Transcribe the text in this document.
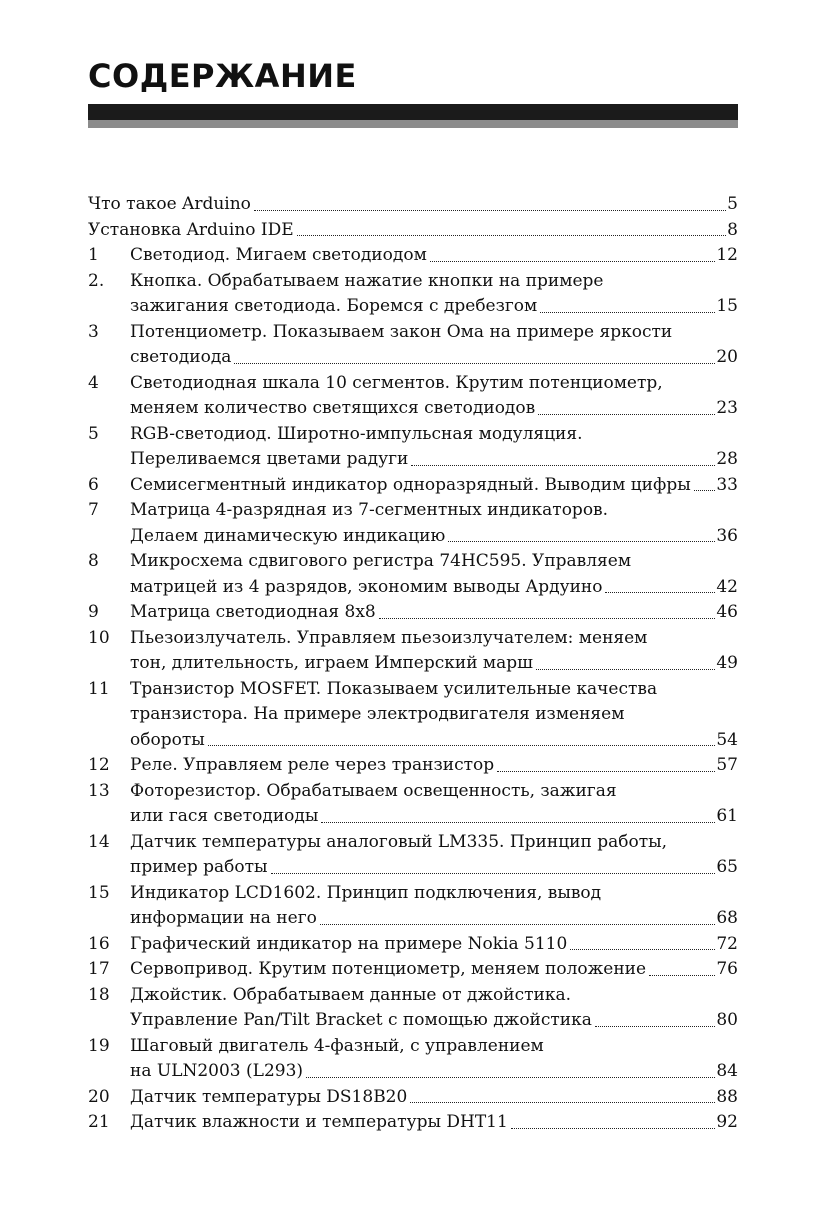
СОДЕРЖАНИЕ
Что такое Arduino	5
Установка Arduino IDE	8
1	Светодиод. Мигаем светодиодом	12
2.	Кнопка. Обрабатываем нажатие кнопки на примере
зажигания светодиода. Боремся с дребезгом	15
3	Потенциометр. Показываем закон Ома на примере яркости
светодиода	20
4	Светодиодная шкала 10 сегментов. Крутим потенциометр,
меняем количество светящихся светодиодов	23
5	RGB-светодиод. Широтно-импульсная модуляция.
Переливаемся цветами радуги	28
6	Семисегментный индикатор одноразрядный. Выводим цифры 33
7	Матрица 4-разрядная из 7-сегментных индикаторов.
Делаем динамическую индикацию	36
8	Микросхема сдвигового регистра 74HC595. Управляем
матрицей из 4 разрядов, экономим выводы Ардуино	42
9	Матрица светодиодная 8x8	46
10	Пьезоизлучатель. Управляем пьезоизлучателем: меняем
тон, длительность, играем Имперский марш	49
11	Транзистор MOSFET. Показываем усилительные качества
транзистора. На примере электродвигателя изменяем
обороты	54
12	Реле. Управляем реле через транзистор	57
13	Фоторезистор. Обрабатываем освещенность, зажигая
или гася светодиоды	61
14	Датчик температуры аналоговый LM335. Принцип работы,
пример работы	65
15	Индикатор LCD1602. Принцип подключения, вывод
информации на него	68
16	Графический индикатор на примере Nokia 5110	72
17	Сервопривод. Крутим потенциометр, меняем положение	76
18	Джойстик. Обрабатываем данные от джойстика.
Управление Pan/Tilt Bracket с помощью джойстика	80
19	Шаговый двигатель 4-фазный, с управлением
на ULN2003 (L293)	84
20	Датчик температуры DS18B20	88
21	Датчик влажности и температуры DHT11	92
